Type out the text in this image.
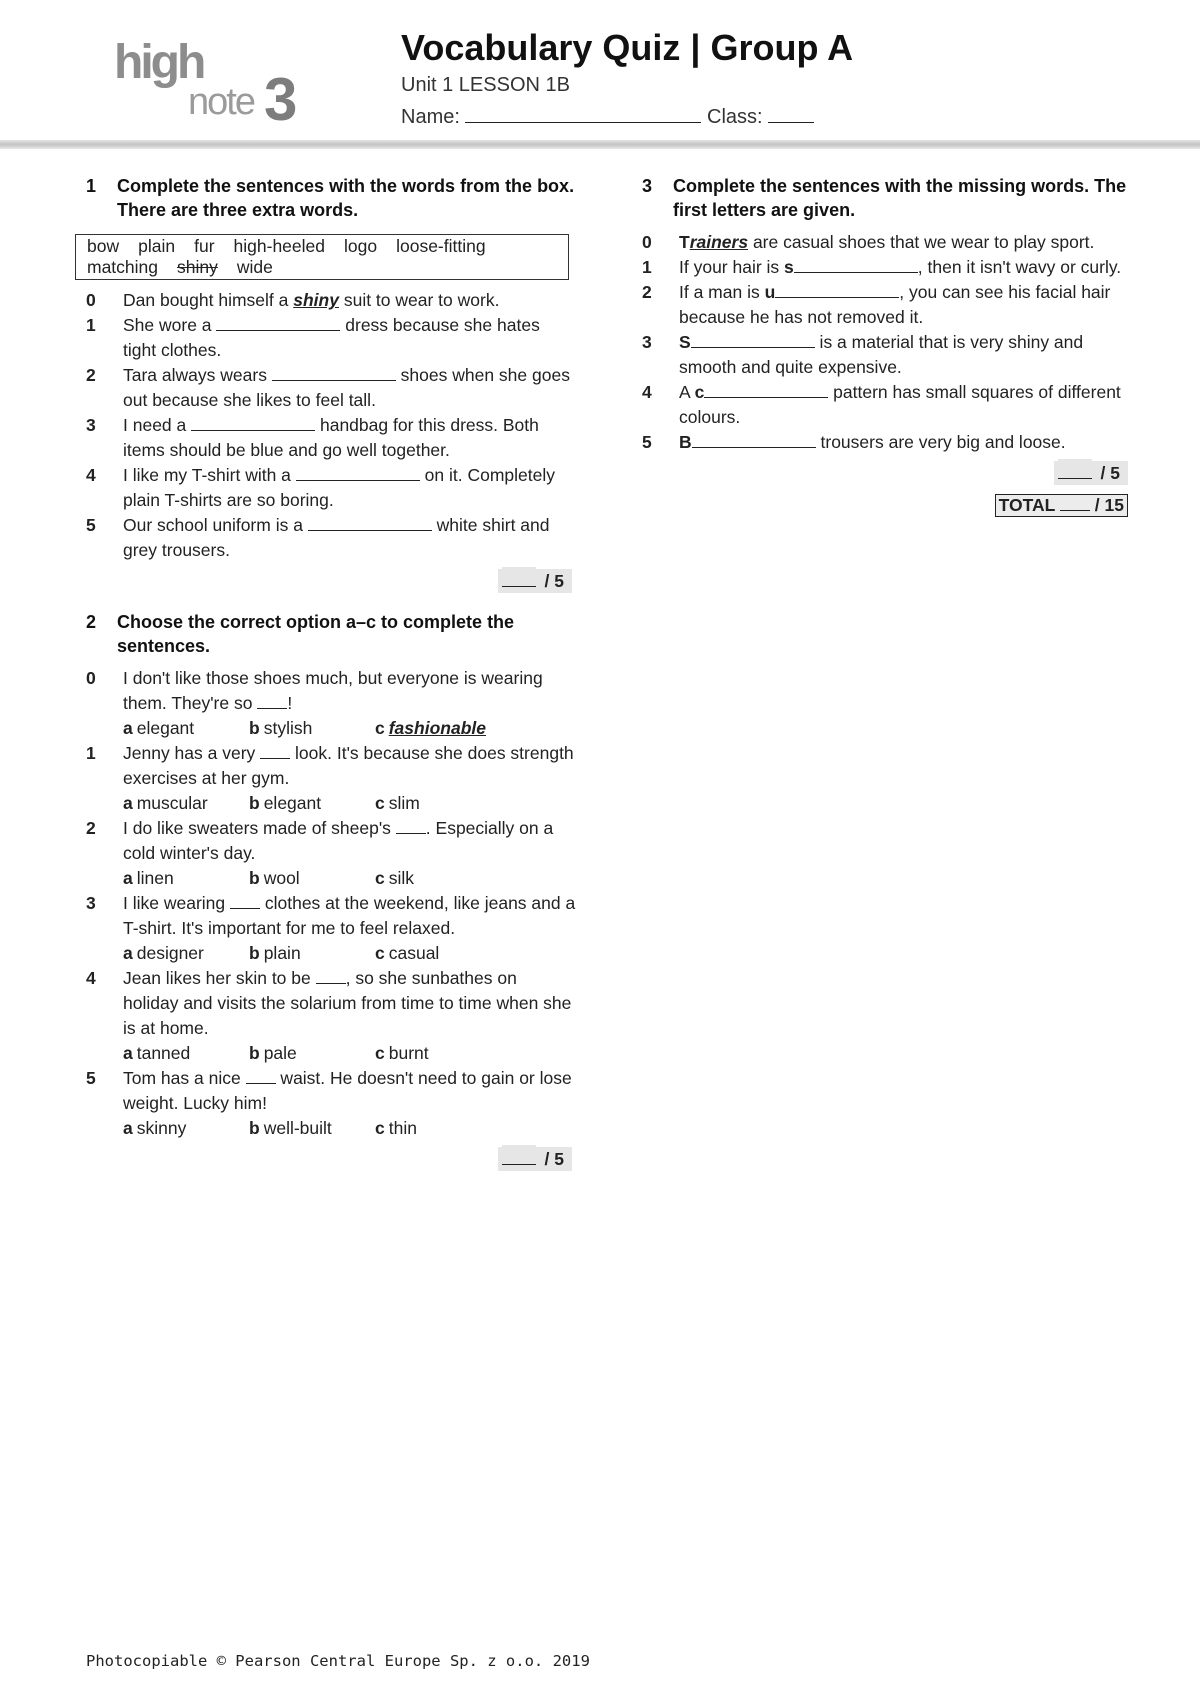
high
note 3
Vocabulary Quiz | Group A
Unit 1 LESSON 1B
Name:	Class:
1	Complete the sentences with the words from the box. There are three extra words.
bow plain fur high-heeled logo loose-fittingmatching shiny wide
0	Dan bought himself a shiny suit to wear to work.
1	She wore a	dress because she hates tight clothes.
2	Tara always wears	shoes when she goes out because she likes to feel tall.
3	I need a	handbag for this dress. Both items should be blue and go well together.
4	I like my T-shirt with a	on it. Completely plain T-shirts are so boring.
5	Our school uniform is a	white shirt and grey trousers.
/ 5
2	Choose the correct option a–c to complete the sentences.
0	I don't like those shoes much, but everyone is wearing them. They're so !
a elegant	b stylish	c fashionable
1	Jenny has a very  look. It's because she does strength exercises at her gym.
a muscular	b elegant	c slim
2	I do like sweaters made of sheep's . Especially on a cold winter's day.
a linen	b wool	c silk
3	I like wearing  clothes at the weekend, like jeans and a T-shirt. It's important for me to feel relaxed.
a designer	b plain	c casual
4	Jean likes her skin to be , so she sunbathes on holiday and visits the solarium from time to time when she is at home.
a tanned	b pale	c burnt
5	Tom has a nice  waist. He doesn't need to gain or lose weight. Lucky him!
a skinny	b well-built	c thin
/ 5
3	Complete the sentences with the missing words. The first letters are given.
0	Trainers are casual shoes that we wear to play sport.
1	If your hair is s	, then it isn't wavy or curly.
2	If a man is u	, you can see his facial hair because he has not removed it.
3	S	is a material that is very shiny and smooth and quite expensive.
4	A c	pattern has small squares of different colours.
5	B	trousers are very big and loose.
/ 5
TOTAL / 15
Photocopiable © Pearson Central Europe Sp. z o.o. 2019
